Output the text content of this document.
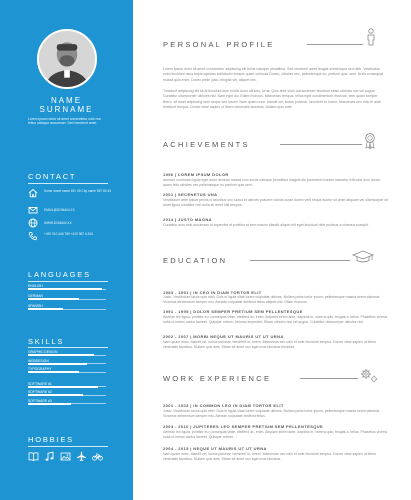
NAME
SURNAME
Lorem ipsum dolor sit amet consectetur odio non tellus natoque accumsan. Sed hendrerit amet.
CONTACT
Some street name 85 / 45 City name 987 65 43
EMAIL@DOMAIN.XX
WWW.DOMAIN.XX
+420 910 446 789 +420 987 6 810
LANGUAGES
ENGLISH
GERMAN
SPANISH
SKILLS
GRAPHIC DESIGN
WEBDESIGN
TYPOGRAPHY
SOFTWARE #1
SOFTWARE #2
SOFTWARE #3
HOBBIES
PERSONAL PROFILE
Lorem ipsum dolor sit amet consectetur adipiscing elit tellus natoque penatibus. Sed hendrerit amet feugiat scelerisque sed nibh. Vestibulum enim tincidunt risus turpis egestas sollicitudin tempor quam vehicula Donec, ultricies nec, pellentesque eu, pretium quis, sem. Nulla consequat massa quis enim. Donec pede justo, fringilla vel, aliquet nec.
Tincidunt adipiscing elit sit at tincidunt dum mollis dolor ultrices. Urna. Quis ante sinto consectetuer tincidunt etiam ultricies nisi vel augue. Curabitur ullamcorper ultricies nisi. Nam eget dui. Etiam rhoncus. Maecenas tempus, tellus eget condimentum rhoncus, sem quam semper libero, sit amet adipiscing sem neque sed ipsum. Nam quam nunc, blandit vel, luctus pulvinar, hendrerit id, lorem. Maecenas nec odio et ante tincidunt tempus. Donec vitae sapien ut libero venenatis faucibus. Nullam quis ante.
ACHIEVEMENTS
1996 | LOREM IPSUM DOLOR
Aenean commodo ligula eget dolor aenean massa cum sociis natoque penatibus magnis dis parturient montes nascetur ridiculus mus donec quam felis ultricies nec pellentesque eu pretium quis sem.
2001 | SECENETUS UNA
Vestibulum ante ipsum primis in faucibus orci luctus et ultrices posuere cubilia curae donec velit neque auctor sit amet aliquam vel ullamcorper sit amet ligula curabitur non nulla sit amet nisl tempus.
2014 | JUSTO MAGNA
Curabitur arcu erat accumsan id imperdiet et porttitor at sem mauris blandit aliquet elit eget tincidunt nibh pulvinar a vivamus suscipit.
EDUCATION
1983 - 1991 | IN CEO IN DIAM TORTOR ELIT
Justo. Vestibulum lacus quis nibh. Duis in ligula vitae lorem vulputate ultrices. Nullam porta tortor ipsum, pellentesque massa lorem placerat. Vivamus elementum semper nisi. Aenean vulputate eleifend tellus aliquet nisi. Etiam rhoncus.
1991 - 1995 | DOLOR SEMPER PRETIUM SEM PELLENTESQUE
Aenean leo ligula, porttitor eu, consequat vitae, eleifend ac, enim. Aliquam lorem ante, dapibus in, viverra quis, feugiat a, tellus. Phasellus viverra nulla ut metus varius laoreet. Quisque rutrum. Aenean imperdiet. Etiam ultricies nisi vel augue. Curabitur ullamcorper ultricies nisi.
2002 - 2007 | MORBI NEQUE UT MAURIS UT UT URNA
Nam quam nunc, blandit vel, luctus pulvinar, hendrerit id, lorem. Maecenas nec odio et ante tincidunt tempus. Donec vitae sapien ut libero venenatis faucibus. Nullam quis ante. Etiam sit amet orci eget eros faucibus tincidunt.
WORK EXPERIENCE
2001 - 2003 | IN COMMON LEO IN DIAM TORTOR ELIT
Justo. Vestibulum lacus quis nibh. Duis in ligula vitae lorem vulputate ultrices. Nullam porta tortor ipsum, pellentesque massa lorem placerat. Vivamus elementum semper nisi. Aenean vulputate eleifend tellus.
2003 - 2010 | JUPITERES LEO SEMPER PRETIUM SEM PELLENTESQUE
Aenean leo ligula, porttitor eu, consequat vitae, eleifend ac, enim. Aliquam lorem ante, dapibus in, viverra quis, feugiat a, tellus. Phasellus viverra nulla ut metus varius laoreet. Quisque rutrum.
2004 - 2015 | NEQUE UT MAURIS UT UT URNA
Nam quam nunc, blandit vel, luctus pulvinar, hendrerit id, lorem. Maecenas nec odio et ante tincidunt tempus. Donec vitae sapien ut libero venenatis faucibus. Nullam quis ante. Etiam sit amet orci eget eros faucibus.
